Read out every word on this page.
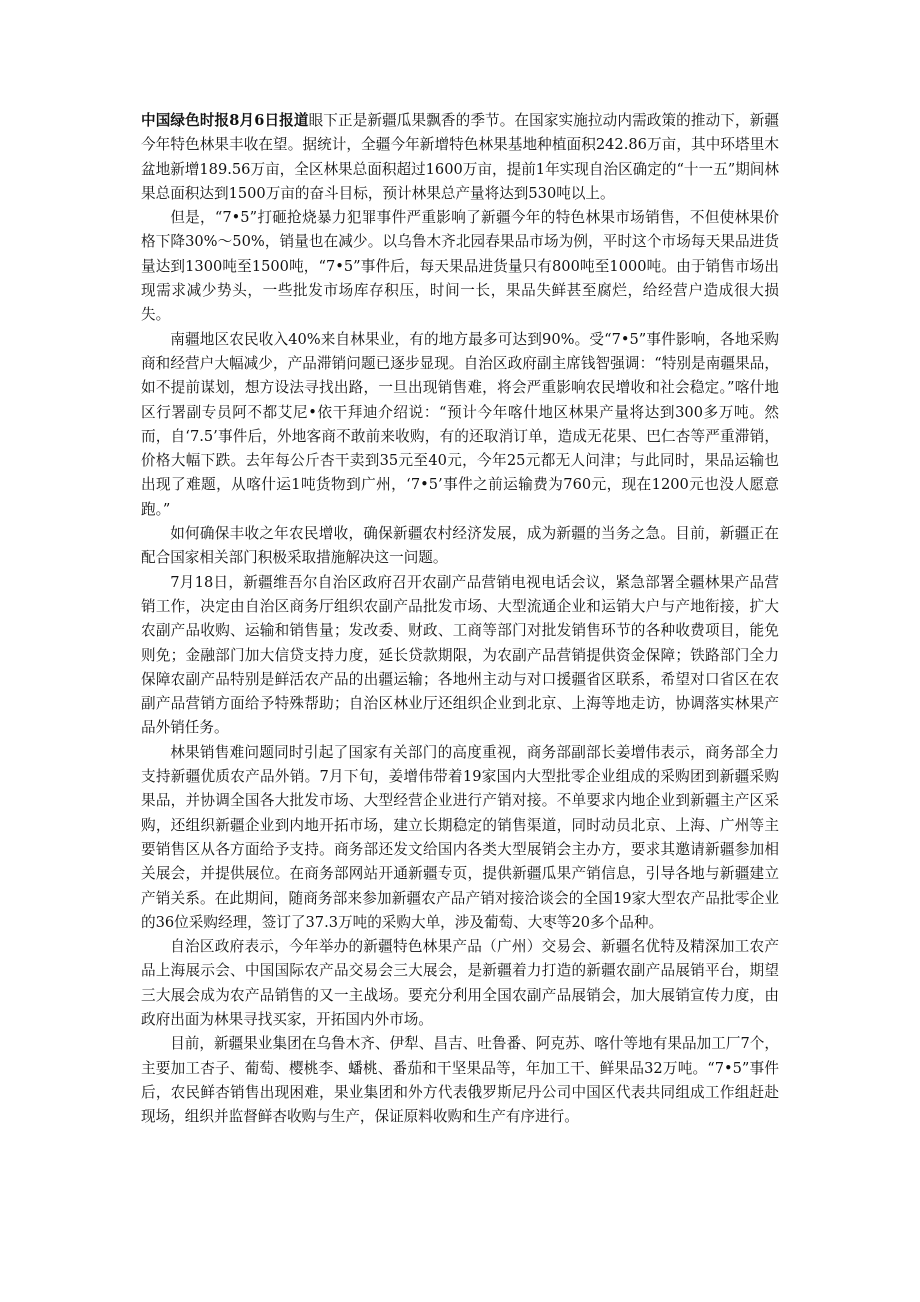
中国绿色时报8月6日报道眼下正是新疆瓜果飘香的季节。在国家实施拉动内需政策的推动下，新疆今年特色林果丰收在望。据统计，全疆今年新增特色林果基地种植面积242.86万亩，其中环塔里木盆地新增189.56万亩，全区林果总面积超过1600万亩，提前1年实现自治区确定的“十一五”期间林果总面积达到1500万亩的奋斗目标，预计林果总产量将达到530吨以上。

但是，“7•5”打砸抢烧暴力犯罪事件严重影响了新疆今年的特色林果市场销售，不但使林果价格下降30%～50%，销量也在减少。以乌鲁木齐北园春果品市场为例，平时这个市场每天果品进货量达到1300吨至1500吨，“7•5”事件后，每天果品进货量只有800吨至1000吨。由于销售市场出现需求减少势头，一些批发市场库存积压，时间一长，果品失鲜甚至腐烂，给经营户造成很大损失。

南疆地区农民收入40%来自林果业，有的地方最多可达到90%。受“7•5”事件影响，各地采购商和经营户大幅减少，产品滞销问题已逐步显现。自治区政府副主席钱智强调：“特别是南疆果品，如不提前谋划，想方设法寻找出路，一旦出现销售难，将会严重影响农民增收和社会稳定。”喀什地区行署副专员阿不都艾尼•依干拜迪介绍说：“预计今年喀什地区林果产量将达到300多万吨。然而，自‘7.5’事件后，外地客商不敢前来收购，有的还取消订单，造成无花果、巴仁杏等严重滞销，价格大幅下跌。去年每公斤杏干卖到35元至40元，今年25元都无人问津；与此同时，果品运输也出现了难题，从喀什运1吨货物到广州，‘7•5’事件之前运输费为760元，现在1200元也没人愿意跑。”

如何确保丰收之年农民增收，确保新疆农村经济发展，成为新疆的当务之急。目前，新疆正在配合国家相关部门积极采取措施解决这一问题。

7月18日，新疆维吾尔自治区政府召开农副产品营销电视电话会议，紧急部署全疆林果产品营销工作，决定由自治区商务厅组织农副产品批发市场、大型流通企业和运销大户与产地衔接，扩大农副产品收购、运输和销售量；发改委、财政、工商等部门对批发销售环节的各种收费项目，能免则免；金融部门加大信贷支持力度，延长贷款期限，为农副产品营销提供资金保障；铁路部门全力保障农副产品特别是鲜活农产品的出疆运输；各地州主动与对口援疆省区联系，希望对口省区在农副产品营销方面给予特殊帮助；自治区林业厅还组织企业到北京、上海等地走访，协调落实林果产品外销任务。

林果销售难问题同时引起了国家有关部门的高度重视，商务部副部长姜增伟表示，商务部全力支持新疆优质农产品外销。7月下旬，姜增伟带着19家国内大型批零企业组成的采购团到新疆采购果品，并协调全国各大批发市场、大型经营企业进行产销对接。不单要求内地企业到新疆主产区采购，还组织新疆企业到内地开拓市场，建立长期稳定的销售渠道，同时动员北京、上海、广州等主要销售区从各方面给予支持。商务部还发文给国内各类大型展销会主办方，要求其邀请新疆参加相关展会，并提供展位。在商务部网站开通新疆专页，提供新疆瓜果产销信息，引导各地与新疆建立产销关系。在此期间，随商务部来参加新疆农产品产销对接洽谈会的全国19家大型农产品批零企业的36位采购经理，签订了37.3万吨的采购大单，涉及葡萄、大枣等20多个品种。

自治区政府表示，今年举办的新疆特色林果产品（广州）交易会、新疆名优特及精深加工农产品上海展示会、中国国际农产品交易会三大展会，是新疆着力打造的新疆农副产品展销平台，期望三大展会成为农产品销售的又一主战场。要充分利用全国农副产品展销会，加大展销宣传力度，由政府出面为林果寻找买家，开拓国内外市场。

目前，新疆果业集团在乌鲁木齐、伊犁、昌吉、吐鲁番、阿克苏、喀什等地有果品加工厂7个，主要加工杏子、葡萄、樱桃李、蟠桃、番茄和干坚果品等，年加工干、鲜果品32万吨。“7•5”事件后，农民鲜杏销售出现困难，果业集团和外方代表俄罗斯尼丹公司中国区代表共同组成工作组赶赴现场，组织并监督鲜杏收购与生产，保证原料收购和生产有序进行。
